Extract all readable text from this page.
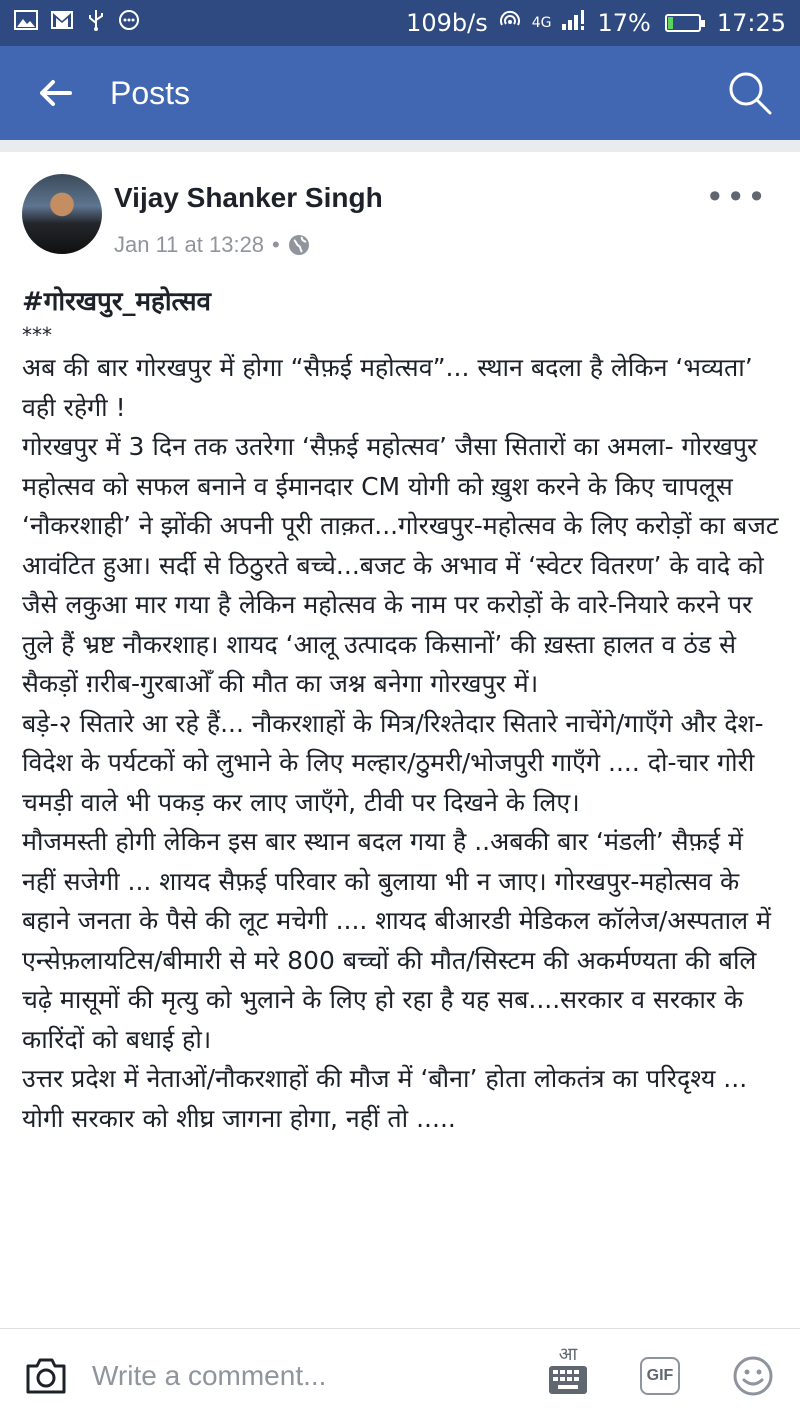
109b/s	4G 17%	17:25
Posts
Vijay Shanker Singh
Jan 11 at 13:28 •
•••
#गोरखपुर_महोत्सव
***
अब की बार गोरखपुर में होगा “सैफ़ई महोत्सव”... स्थान बदला है लेकिन ‘भव्यता’ वही रहेगी !
गोरखपुर में 3 दिन तक उतरेगा ‘सैफ़ई महोत्सव’ जैसा सितारों का अमला- गोरखपुर महोत्सव को सफल बनाने व ईमानदार CM योगी को ख़ुश करने के किए चापलूस ‘नौकरशाही’ ने झोंकी अपनी पूरी ताक़त...गोरखपुर-महोत्सव के लिए करोड़ों का बजट आवंटित हुआ। सर्दी से ठिठुरते बच्चे...बजट के अभाव में ‘स्वेटर वितरण’ के वादे को जैसे लकुआ मार गया है लेकिन महोत्सव के नाम पर करोड़ों के वारे-नियारे करने पर तुले हैं भ्रष्ट नौकरशाह। शायद ‘आलू उत्पादक किसानों’ की ख़स्ता हालत व ठंड से सैकड़ों ग़रीब-गुरबाओँ की मौत का जश्न बनेगा गोरखपुर में।
बड़े-२ सितारे आ रहे हैं... नौकरशाहों के मित्र/रिश्तेदार सितारे नाचेंगे/गाएँगे और देश-विदेश के पर्यटकों को लुभाने के लिए मल्हार/ठुमरी/भोजपुरी गाएँगे .... दो-चार गोरी चमड़ी वाले भी पकड़ कर लाए जाएँगे, टीवी पर दिखने के लिए।
मौजमस्ती होगी लेकिन इस बार स्थान बदल गया है ..अबकी बार ‘मंडली’ सैफ़ई में नहीं सजेगी ... शायद सैफ़ई परिवार को बुलाया भी न जाए। गोरखपुर-महोत्सव के बहाने जनता के पैसे की लूट मचेगी .... शायद बीआरडी मेडिकल कॉलेज/अस्पताल में एन्सेफ़लायटिस/बीमारी से मरे 800 बच्चों की मौत/सिस्टम की अकर्मण्यता की बलि चढ़े मासूमों की मृत्यु को भुलाने के लिए हो रहा है यह सब....सरकार व सरकार के कारिंदों को बधाई हो।
उत्तर प्रदेश में नेताओं/नौकरशाहों की मौज में ‘बौना’ होता लोकतंत्र का परिदृश्य ...
योगी सरकार को शीघ्र जागना होगा, नहीं तो .....
Write a comment...
आ
GIF
